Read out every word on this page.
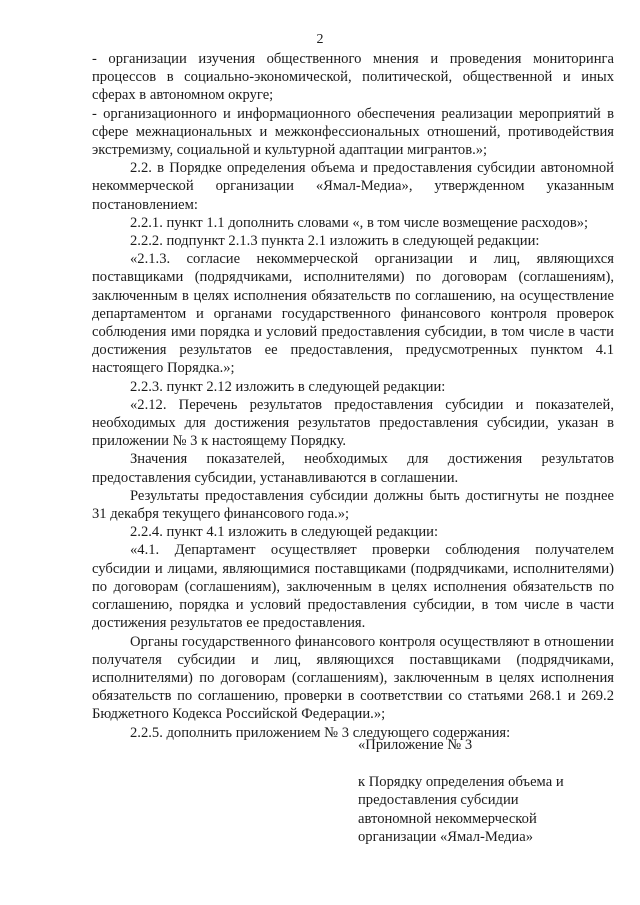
2

- организации изучения общественного мнения и проведения мониторинга процессов в социально-экономической, политической, общественной и иных сферах в автономном округе;

- организационного и информационного обеспечения реализации мероприятий в сфере межнациональных и межконфессиональных отношений, противодействия экстремизму, социальной и культурной адаптации мигрантов.»;

2.2. в Порядке определения объема и предоставления субсидии автономной некоммерческой организации «Ямал-Медиа», утвержденном указанным постановлением:

2.2.1. пункт 1.1 дополнить словами «, в том числе возмещение расходов»;

2.2.2. подпункт 2.1.3 пункта 2.1 изложить в следующей редакции:

«2.1.3. согласие некоммерческой организации и лиц, являющихся поставщиками (подрядчиками, исполнителями) по договорам (соглашениям), заключенным в целях исполнения обязательств по соглашению, на осуществление департаментом и органами государственного финансового контроля проверок соблюдения ими порядка и условий предоставления субсидии, в том числе в части достижения результатов ее предоставления, предусмотренных пунктом 4.1 настоящего Порядка.»;

2.2.3. пункт 2.12 изложить в следующей редакции:

«2.12. Перечень результатов предоставления субсидии и показателей, необходимых для достижения результатов предоставления субсидии, указан в приложении № 3 к настоящему Порядку.

Значения показателей, необходимых для достижения результатов предоставления субсидии, устанавливаются в соглашении.

Результаты предоставления субсидии должны быть достигнуты не позднее 31 декабря текущего финансового года.»;

2.2.4. пункт 4.1 изложить в следующей редакции:

«4.1. Департамент осуществляет проверки соблюдения получателем субсидии и лицами, являющимися поставщиками (подрядчиками, исполнителями) по договорам (соглашениям), заключенным в целях исполнения обязательств по соглашению, порядка и условий предоставления субсидии, в том числе в части достижения результатов ее предоставления.

Органы государственного финансового контроля осуществляют в отношении получателя субсидии и лиц, являющихся поставщиками (подрядчиками, исполнителями) по договорам (соглашениям), заключенным в целях исполнения обязательств по соглашению, проверки в соответствии со статьями 268.1 и 269.2 Бюджетного Кодекса Российской Федерации.»;

2.2.5. дополнить приложением № 3 следующего содержания:

«Приложение № 3
к Порядку определения объема и
предоставления субсидии
автономной некоммерческой
организации «Ямал-Медиа»
